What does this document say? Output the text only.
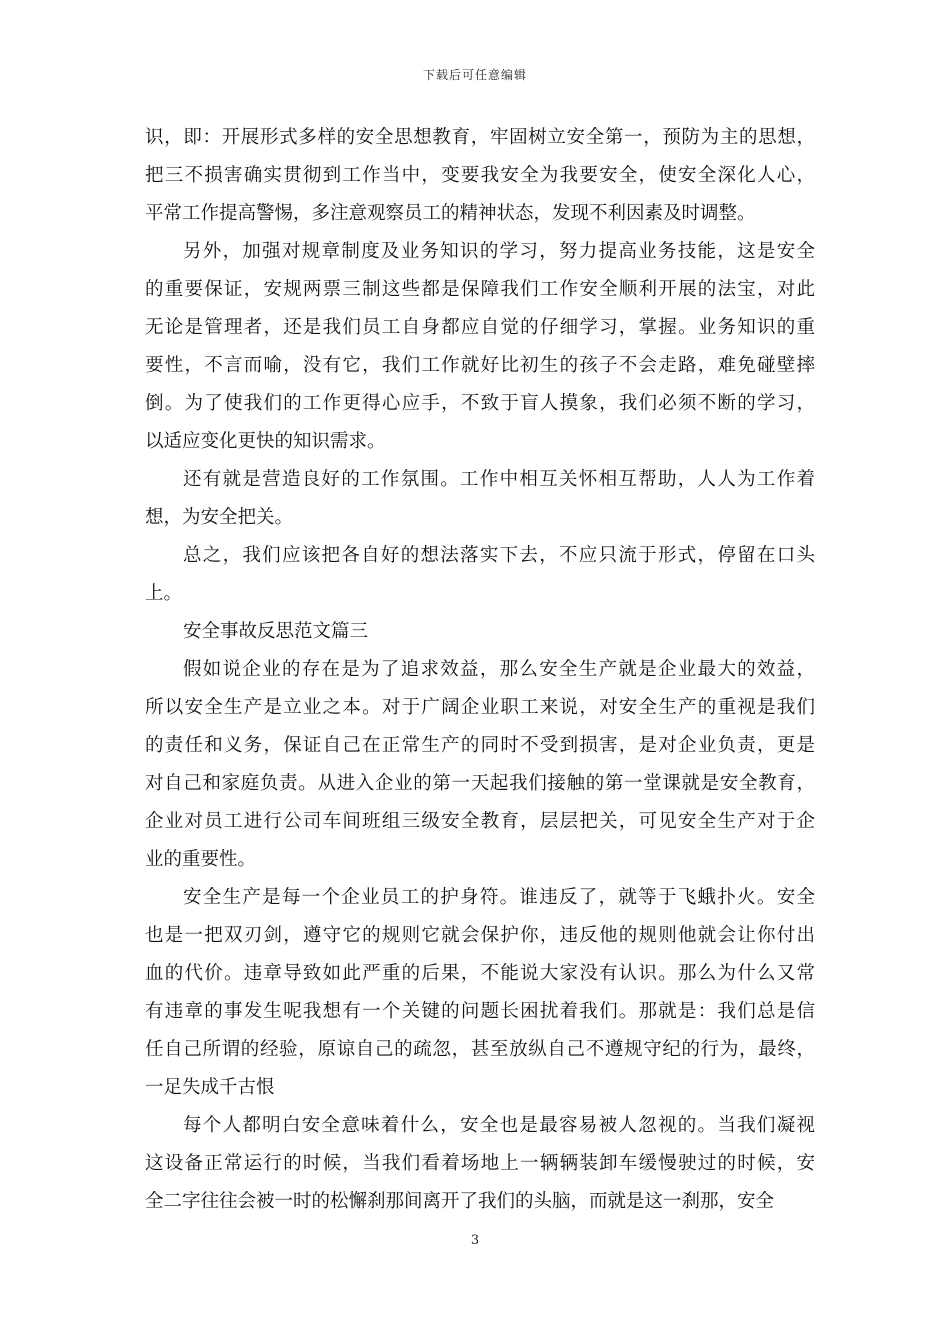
下载后可任意编辑
识，即：开展形式多样的安全思想教育，牢固树立安全第一，预防为主的思想，
把三不损害确实贯彻到工作当中，变要我安全为我要安全，使安全深化人心，
平常工作提高警惕，多注意观察员工的精神状态，发现不利因素及时调整。
另外，加强对规章制度及业务知识的学习，努力提高业务技能，这是安全
的重要保证，安规两票三制这些都是保障我们工作安全顺利开展的法宝，对此
无论是管理者，还是我们员工自身都应自觉的仔细学习，掌握。业务知识的重
要性，不言而喻，没有它，我们工作就好比初生的孩子不会走路，难免碰壁摔
倒。为了使我们的工作更得心应手，不致于盲人摸象，我们必须不断的学习，
以适应变化更快的知识需求。
还有就是营造良好的工作氛围。工作中相互关怀相互帮助，人人为工作着
想，为安全把关。
总之，我们应该把各自好的想法落实下去，不应只流于形式，停留在口头
上。
安全事故反思范文篇三
假如说企业的存在是为了追求效益，那么安全生产就是企业最大的效益，
所以安全生产是立业之本。对于广阔企业职工来说，对安全生产的重视是我们
的责任和义务，保证自己在正常生产的同时不受到损害，是对企业负责，更是
对自己和家庭负责。从进入企业的第一天起我们接触的第一堂课就是安全教育，
企业对员工进行公司车间班组三级安全教育，层层把关，可见安全生产对于企
业的重要性。
安全生产是每一个企业员工的护身符。谁违反了，就等于飞蛾扑火。安全
也是一把双刃剑，遵守它的规则它就会保护你，违反他的规则他就会让你付出
血的代价。违章导致如此严重的后果，不能说大家没有认识。那么为什么又常
有违章的事发生呢我想有一个关键的问题长困扰着我们。那就是：我们总是信
任自己所谓的经验，原谅自己的疏忽，甚至放纵自己不遵规守纪的行为，最终，
一足失成千古恨
每个人都明白安全意味着什么，安全也是最容易被人忽视的。当我们凝视
这设备正常运行的时候，当我们看着场地上一辆辆装卸车缓慢驶过的时候，安
全二字往往会被一时的松懈刹那间离开了我们的头脑，而就是这一刹那，安全
3
